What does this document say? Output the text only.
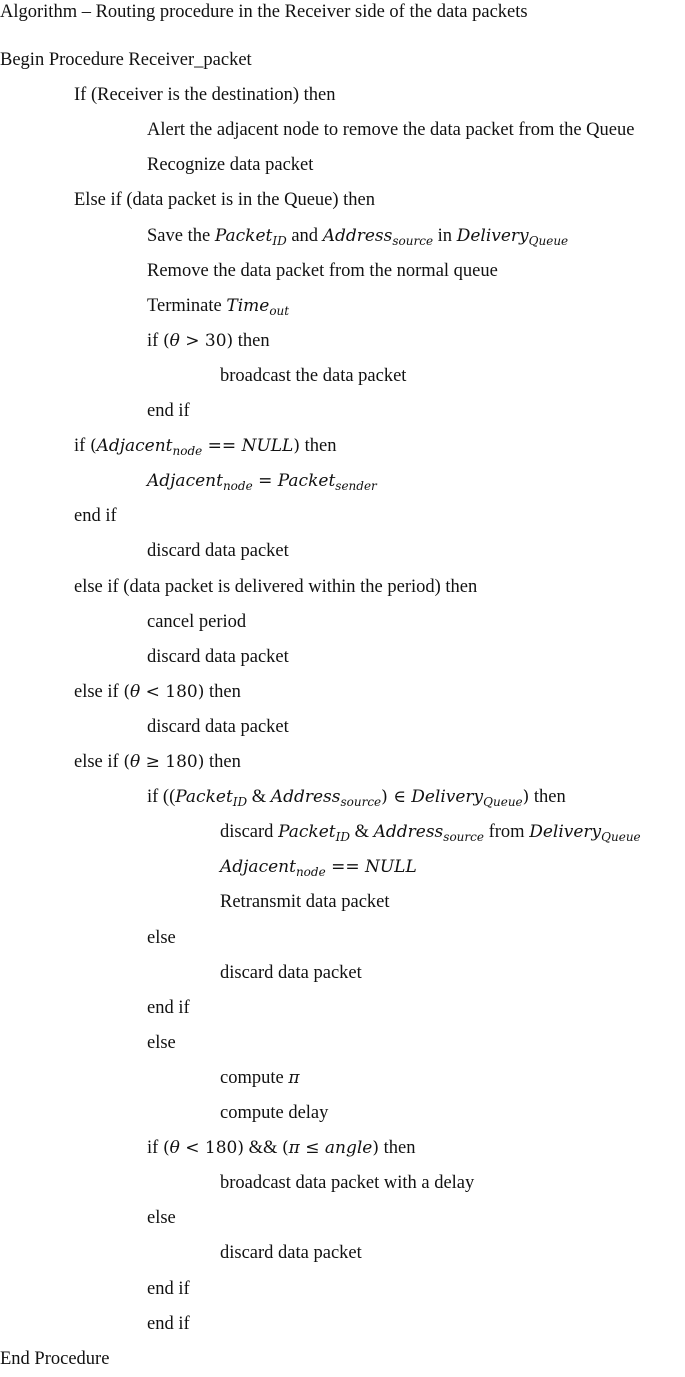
Algorithm – Routing procedure in the Receiver side of the data packets
Begin Procedure Receiver_packet
If (Receiver is the destination) then
Alert the adjacent node to remove the data packet from the Queue
Recognize data packet
Else if (data packet is in the Queue) then
Save the Packet$_{ID}$ and Address$_{source}$ in Delivery$_{Queue}$
Remove the data packet from the normal queue
Terminate Time$_{out}$
if (θ > 30) then
broadcast the data packet
end if
if (Adjacent$_{node}$ == NULL) then
Adjacent$_{node}$ = Packet$_{sender}$
end if
discard data packet
else if (data packet is delivered within the period) then
cancel period
discard data packet
else if (θ < 180) then
discard data packet
else if (θ ≥ 180) then
if ((Packet$_{ID}$ & Address$_{source}$) ∈ Delivery$_{Queue}$) then
discard Packet$_{ID}$ & Address$_{source}$ from Delivery$_{Queue}$
Adjacent$_{node}$ == NULL
Retransmit data packet
else
discard data packet
end if
else
compute π
compute delay
if (θ < 180) && (π ≤ angle) then
broadcast data packet with a delay
else
discard data packet
end if
end if
End Procedure
